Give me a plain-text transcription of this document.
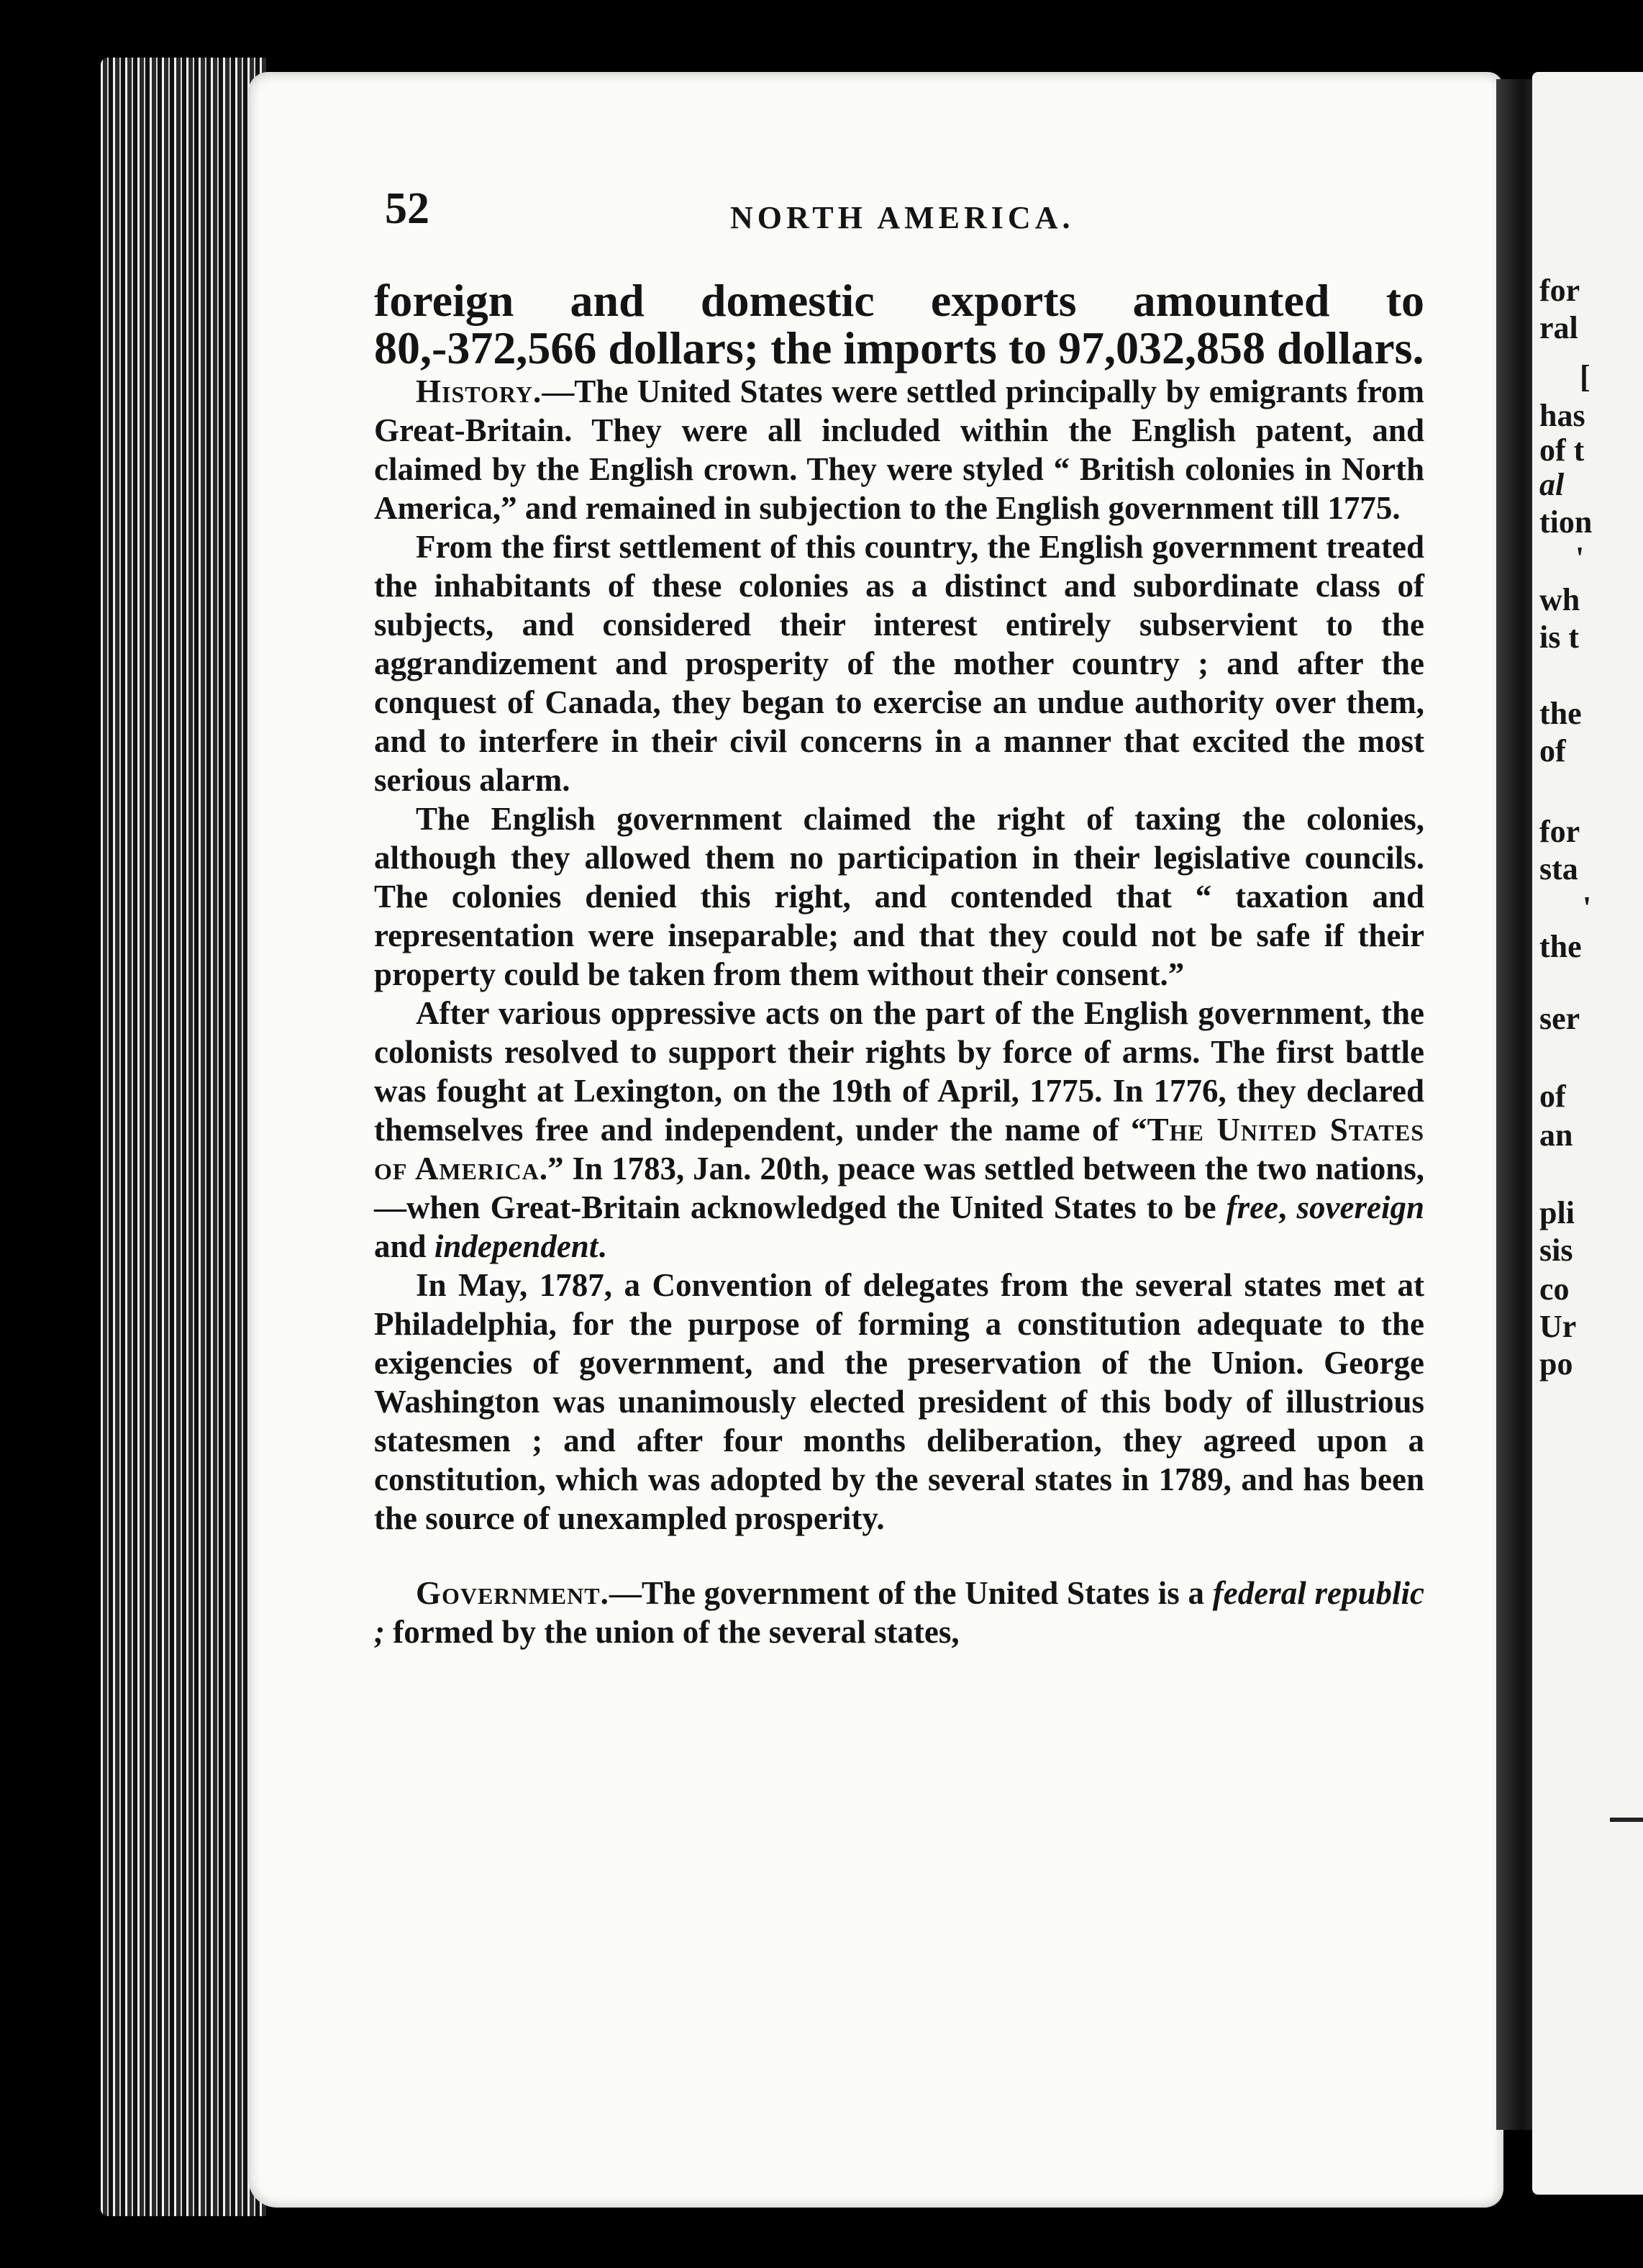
for
ral
[
has
of t
al
tion
'
wh
is t
the
of
for
sta
'
the
ser
of
an
pli
sis
co
Ur
po
52	NORTH AMERICA.

foreign and domestic exports amounted to 80,-372,566 dollars; the imports to 97,032,858 dollars.

History.—The United States were settled principally by emigrants from Great-Britain. They were all included within the English patent, and claimed by the English crown. They were styled “ British colonies in North America,” and remained in subjection to the English government till 1775.

From the first settlement of this country, the English government treated the inhabitants of these colonies as a distinct and subordinate class of subjects, and considered their interest entirely subservient to the aggrandizement and prosperity of the mother country ; and after the conquest of Canada, they began to exercise an undue authority over them, and to interfere in their civil concerns in a manner that excited the most serious alarm.

The English government claimed the right of taxing the colonies, although they allowed them no participation in their legislative councils. The colonies denied this right, and contended that “ taxation and representation were inseparable; and that they could not be safe if their property could be taken from them without their consent.”

After various oppressive acts on the part of the English government, the colonists resolved to support their rights by force of arms. The first battle was fought at Lexington, on the 19th of April, 1775. In 1776, they declared themselves free and independent, under the name of “The United States of America.” In 1783, Jan. 20th, peace was settled between the two nations,—when Great-Britain acknowledged the United States to be free, sovereign and independent.

In May, 1787, a Convention of delegates from the several states met at Philadelphia, for the purpose of forming a constitution adequate to the exigencies of government, and the preservation of the Union. George Washington was unanimously elected president of this body of illustrious statesmen ; and after four months deliberation, they agreed upon a constitution, which was adopted by the several states in 1789, and has been the source of unexampled prosperity.

Government.—The government of the United States is a federal republic ; formed by the union of the several states,
